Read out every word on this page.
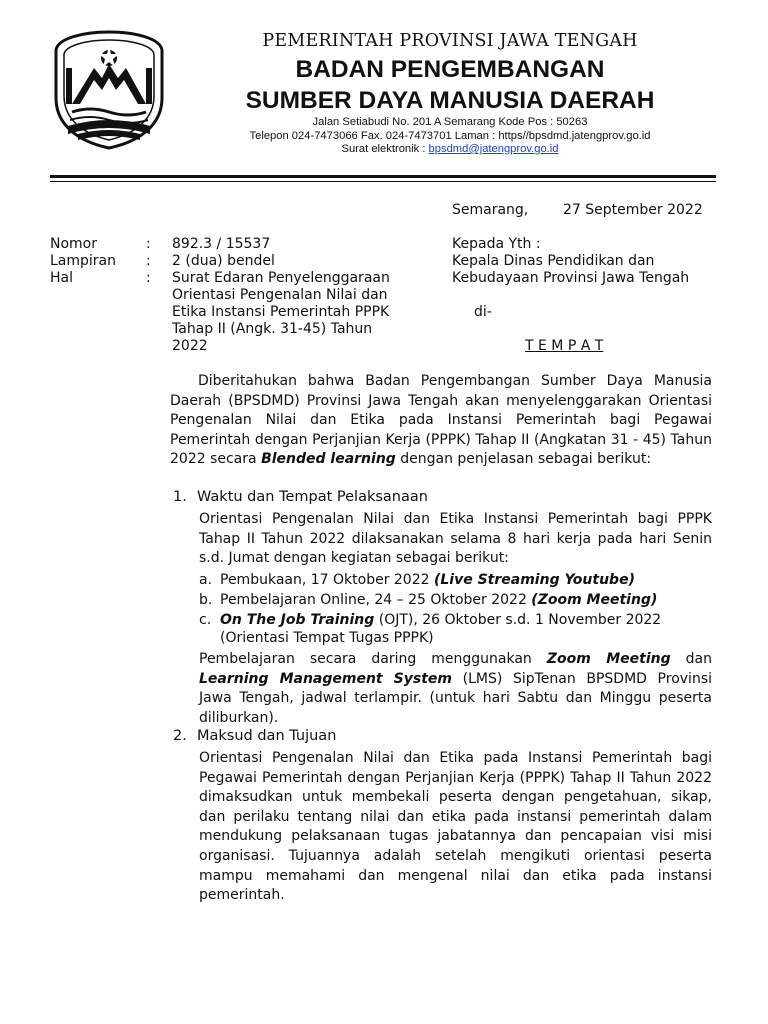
PEMERINTAH PROVINSI JAWA TENGAH
BADAN PENGEMBANGAN
SUMBER DAYA MANUSIA DAERAH
Jalan Setiabudi No. 201 A Semarang Kode Pos : 50263
Telepon 024-7473066 Fax. 024-7473701 Laman : https//bpsdmd.jatengprov.go.id
Surat elektronik : bpsdmd@jatengprov.go.id
Semarang, 27 September 2022
Nomor	: 892.3 / 15537
Lampiran : 2 (dua) bendel
Hal	: Surat Edaran Penyelenggaraan
Orientasi Pengenalan Nilai dan
Etika Instansi Pemerintah PPPK
Tahap II (Angk. 31-45) Tahun
2022
Kepada Yth :
Kepala Dinas Pendidikan dan
Kebudayaan Provinsi Jawa Tengah
di-
T E M P A T
Diberitahukan bahwa Badan Pengembangan Sumber Daya Manusia Daerah (BPSDMD) Provinsi Jawa Tengah akan menyelenggarakan Orientasi Pengenalan Nilai dan Etika pada Instansi Pemerintah bagi Pegawai Pemerintah dengan Perjanjian Kerja (PPPK) Tahap II (Angkatan 31 - 45) Tahun 2022 secara Blended learning dengan penjelasan sebagai berikut:
1. Waktu dan Tempat Pelaksanaan
Orientasi Pengenalan Nilai dan Etika Instansi Pemerintah bagi PPPK Tahap II Tahun 2022 dilaksanakan selama 8 hari kerja pada hari Senin s.d. Jumat dengan kegiatan sebagai berikut:
a. Pembukaan, 17 Oktober 2022 (Live Streaming Youtube)
b. Pembelajaran Online, 24 – 25 Oktober 2022 (Zoom Meeting)
c. On The Job Training (OJT), 26 Oktober s.d. 1 November 2022
(Orientasi Tempat Tugas PPPK)
Pembelajaran secara daring menggunakan Zoom Meeting dan Learning Management System (LMS) SipTenan BPSDMD Provinsi Jawa Tengah, jadwal terlampir. (untuk hari Sabtu dan Minggu peserta diliburkan).
2. Maksud dan Tujuan
Orientasi Pengenalan Nilai dan Etika pada Instansi Pemerintah bagi Pegawai Pemerintah dengan Perjanjian Kerja (PPPK) Tahap II Tahun 2022 dimaksudkan untuk membekali peserta dengan pengetahuan, sikap, dan perilaku tentang nilai dan etika pada instansi pemerintah dalam mendukung pelaksanaan tugas jabatannya dan pencapaian visi misi organisasi. Tujuannya adalah setelah mengikuti orientasi peserta mampu memahami dan mengenal nilai dan etika pada instansi pemerintah.
